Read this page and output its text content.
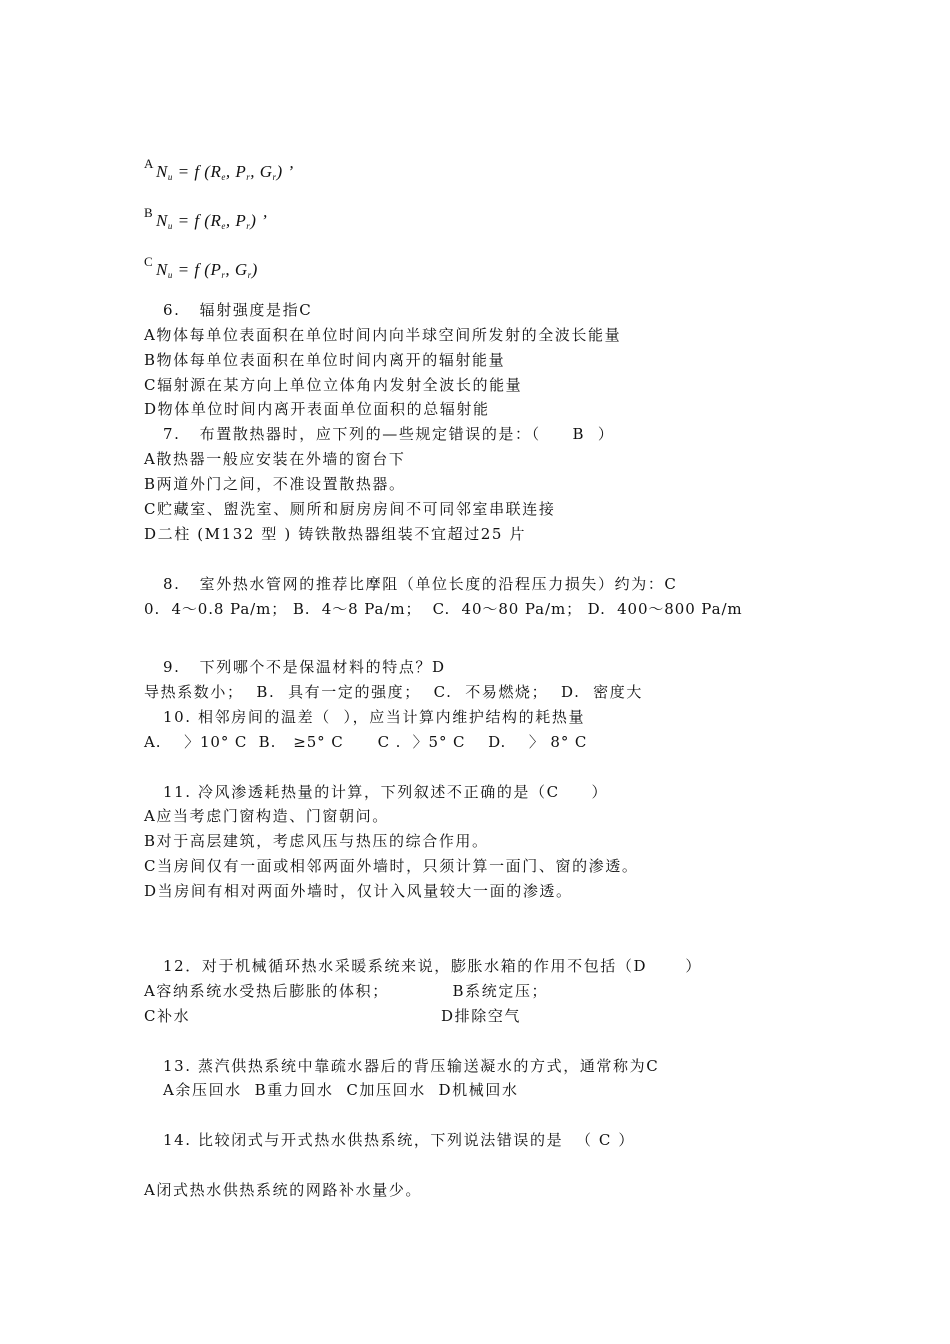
A $N_u = f$ ($R_e$, $P_r$, $G_r$) ’
B $N_u = f$ ($R_e$, $P_r$) ’
C $N_u = f$ ($P_r$, $G_r$)
6.   辐射强度是指C
A物体每单位表面积在单位时间内向半球空间所发射的全波长能量
B物体每单位表面积在单位时间内离开的辐射能量
C辐射源在某方向上单位立体角内发射全波长的能量
D物体单位时间内离开表面单位面积的总辐射能
7.   布置散热器时，应下列的—些规定错误的是：（     B  ）
A散热器一般应安装在外墙的窗台下
B两道外门之间，不准设置散热器。
C贮藏室、盥洗室、厕所和厨房房间不可同邻室串联连接
D二柱 (M132 型 ) 铸铁散热器组装不宜超过25 片
8.   室外热水管网的推荐比摩阻（单位长度的沿程压力损失）约为：C
0.  4～0.8 Pa/m； B.  4～8 Pa/m；  C.  40～80 Pa/m； D.  400～800 Pa/m
9.   下列哪个不是保温材料的特点？D
导热系数小；  B.  具有一定的强度；  C.  不易燃烧；  D.  密度大
10. 相邻房间的温差（  ），应当计算内维护结构的耗热量
A.    〉10° C  B.   ≥5° C      C .  〉5° C    D.    〉 8° C
11. 冷风渗透耗热量的计算，下列叙述不正确的是（C     ）
A应当考虑门窗构造、门窗朝问。
B对于高层建筑，考虑风压与热压的综合作用。
C当房间仅有一面或相邻两面外墙时，只须计算一面门、窗的渗透。
D当房间有相对两面外墙时，仅计入风量较大一面的渗透。
12．对于机械循环热水采暖系统来说，膨胀水箱的作用不包括（D      ）
A容纳系统水受热后膨胀的体积；          B系统定压；
C补水	D排除空气
13. 蒸汽供热系统中靠疏水器后的背压输送凝水的方式，通常称为C
A余压回水  B重力回水  C加压回水  D机械回水
14. 比较闭式与开式热水供热系统，下列说法错误的是  （ C ）
A闭式热水供热系统的网路补水量少。
